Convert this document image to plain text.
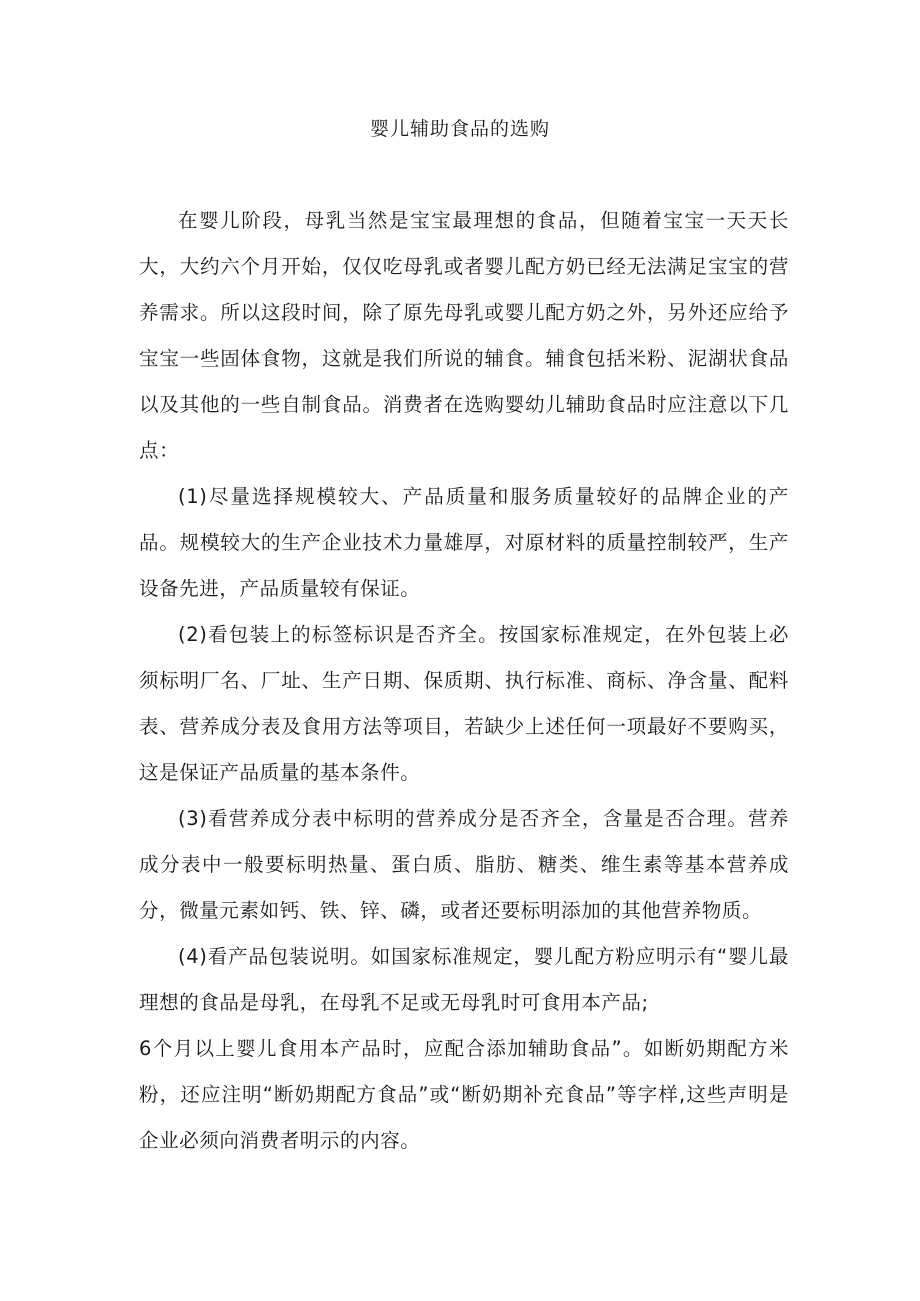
婴儿辅助食品的选购

在婴儿阶段，母乳当然是宝宝最理想的食品，但随着宝宝一天天长大，大约六个月开始，仅仅吃母乳或者婴儿配方奶已经无法满足宝宝的营养需求。所以这段时间，除了原先母乳或婴儿配方奶之外，另外还应给予宝宝一些固体食物，这就是我们所说的辅食。辅食包括米粉、泥湖状食品以及其他的一些自制食品。消费者在选购婴幼儿辅助食品时应注意以下几点：

(1)尽量选择规模较大、产品质量和服务质量较好的品牌企业的产品。规模较大的生产企业技术力量雄厚，对原材料的质量控制较严，生产设备先进，产品质量较有保证。

(2)看包装上的标签标识是否齐全。按国家标准规定，在外包装上必须标明厂名、厂址、生产日期、保质期、执行标准、商标、净含量、配料表、营养成分表及食用方法等项目，若缺少上述任何一项最好不要购买，这是保证产品质量的基本条件。

(3)看营养成分表中标明的营养成分是否齐全，含量是否合理。营养成分表中一般要标明热量、蛋白质、脂肪、糖类、维生素等基本营养成分，微量元素如钙、铁、锌、磷，或者还要标明添加的其他营养物质。

(4)看产品包装说明。如国家标准规定，婴儿配方粉应明示有“婴儿最理想的食品是母乳，在母乳不足或无母乳时可食用本产品;

6个月以上婴儿食用本产品时，应配合添加辅助食品”。如断奶期配方米粉，还应注明“断奶期配方食品”或“断奶期补充食品”等字样,这些声明是企业必须向消费者明示的内容。
